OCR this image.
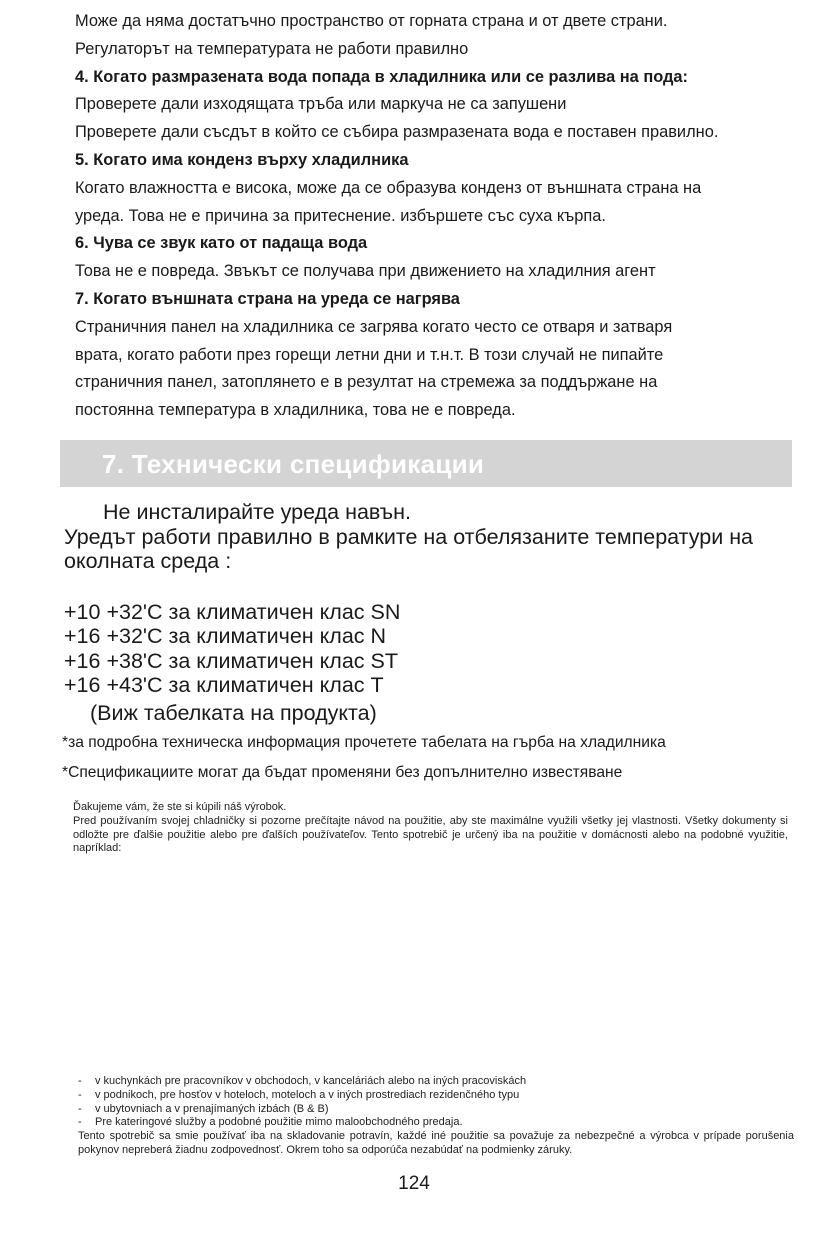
Може да няма достатъчно пространство от горната страна и от двете страни.

Регулаторът на температурата не работи правилно

4. Когато размразената вода попада в хладилника или се разлива на пода:

Проверете дали изходящата тръба или маркуча не са запушени

Проверете дали съсдът в който се събира размразената вода е поставен правилно.

5. Когато има конденз върху хладилника

Когато влажността е висока, може да се образува конденз от външната страна на

уреда. Това не е причина за притеснение. избършете със суха кърпа.

6. Чува се звук като от падаща вода

Това не е повреда. Звъкът се получава при движението на хладилния агент

7. Когато външната страна на уреда се нагрява

Страничния панел на хладилника се загрява когато често се отваря и затваря

врата, когато работи през горещи летни дни и т.н.т. В този случай не пипайте

страничния панел, затоплянето е в резултат на стремежа за поддържане на

постоянна температура в хладилника, това не е повреда.

7. Технически спецификации
Не инсталирайте уреда навън.
Уредът работи правилно в рамките на отбелязаните температури на
околната среда :
+10 +32'С за климатичен клас SN
+16 +32'С за климатичен клас N
+16 +38'С за климатичен клас ST
+16 +43'С за климатичен клас T
(Виж табелката на продукта)
*за подробна техническа информация прочетете табелата на гърба на хладилника
*Спецификациите могат да бъдат променяни без допълнително известяване

Ďakujeme vám, že ste si kúpili náš výrobok.

Pred používaním svojej chladničky si pozorne prečítajte návod na použitie, aby ste maximálne využili všetky jej vlastnosti. Všetky dokumenty si odložte pre ďalšie použitie alebo pre ďalších používateľov. Tento spotrebič je určený iba na použitie v domácnosti alebo na podobné využitie, napríklad:

- v kuchynkách pre pracovníkov v obchodoch, v kanceláriách alebo na iných pracoviskách
- v podnikoch, pre hosťov v hoteloch, moteloch a v iných prostrediach rezidenčného typu
- v ubytovniach a v prenajímaných izbách (B & B)
- Pre kateringové služby a podobné použitie mimo maloobchodného predaja.
Tento spotrebič sa smie používať iba na skladovanie potravín, každé iné použitie sa považuje za nebezpečné a výrobca v prípade porušenia pokynov nepreberá žiadnu zodpovednosť. Okrem toho sa odporúča nezabúdať na podmienky záruky.
124
